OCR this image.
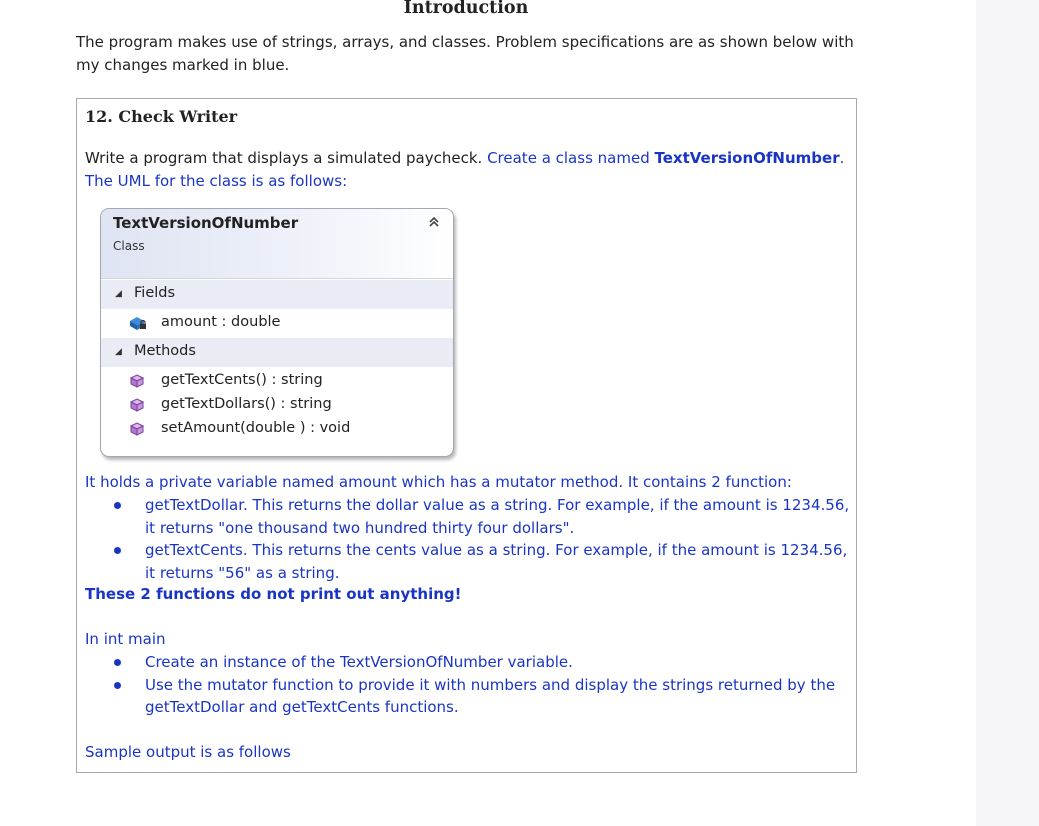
Introduction
The program makes use of strings, arrays, and classes. Problem specifications are as shown below with my changes marked in blue.
12. Check Writer
Write a program that displays a simulated paycheck. Create a class named TextVersionOfNumber. The UML for the class is as follows:
TextVersionOfNumber
Class
◢ Fields
amount : double
◢ Methods
getTextCents() : string
getTextDollars() : string
setAmount(double ) : void
It holds a private variable named amount which has a mutator method. It contains 2 function:
getTextDollar. This returns the dollar value as a string. For example, if the amount is 1234.56, it returns "one thousand two hundred thirty four dollars".
getTextCents. This returns the cents value as a string. For example, if the amount is 1234.56, it returns "56" as a string.
These 2 functions do not print out anything!
In int main
Create an instance of the TextVersionOfNumber variable.
Use the mutator function to provide it with numbers and display the strings returned by the getTextDollar and getTextCents functions.
Sample output is as follows
